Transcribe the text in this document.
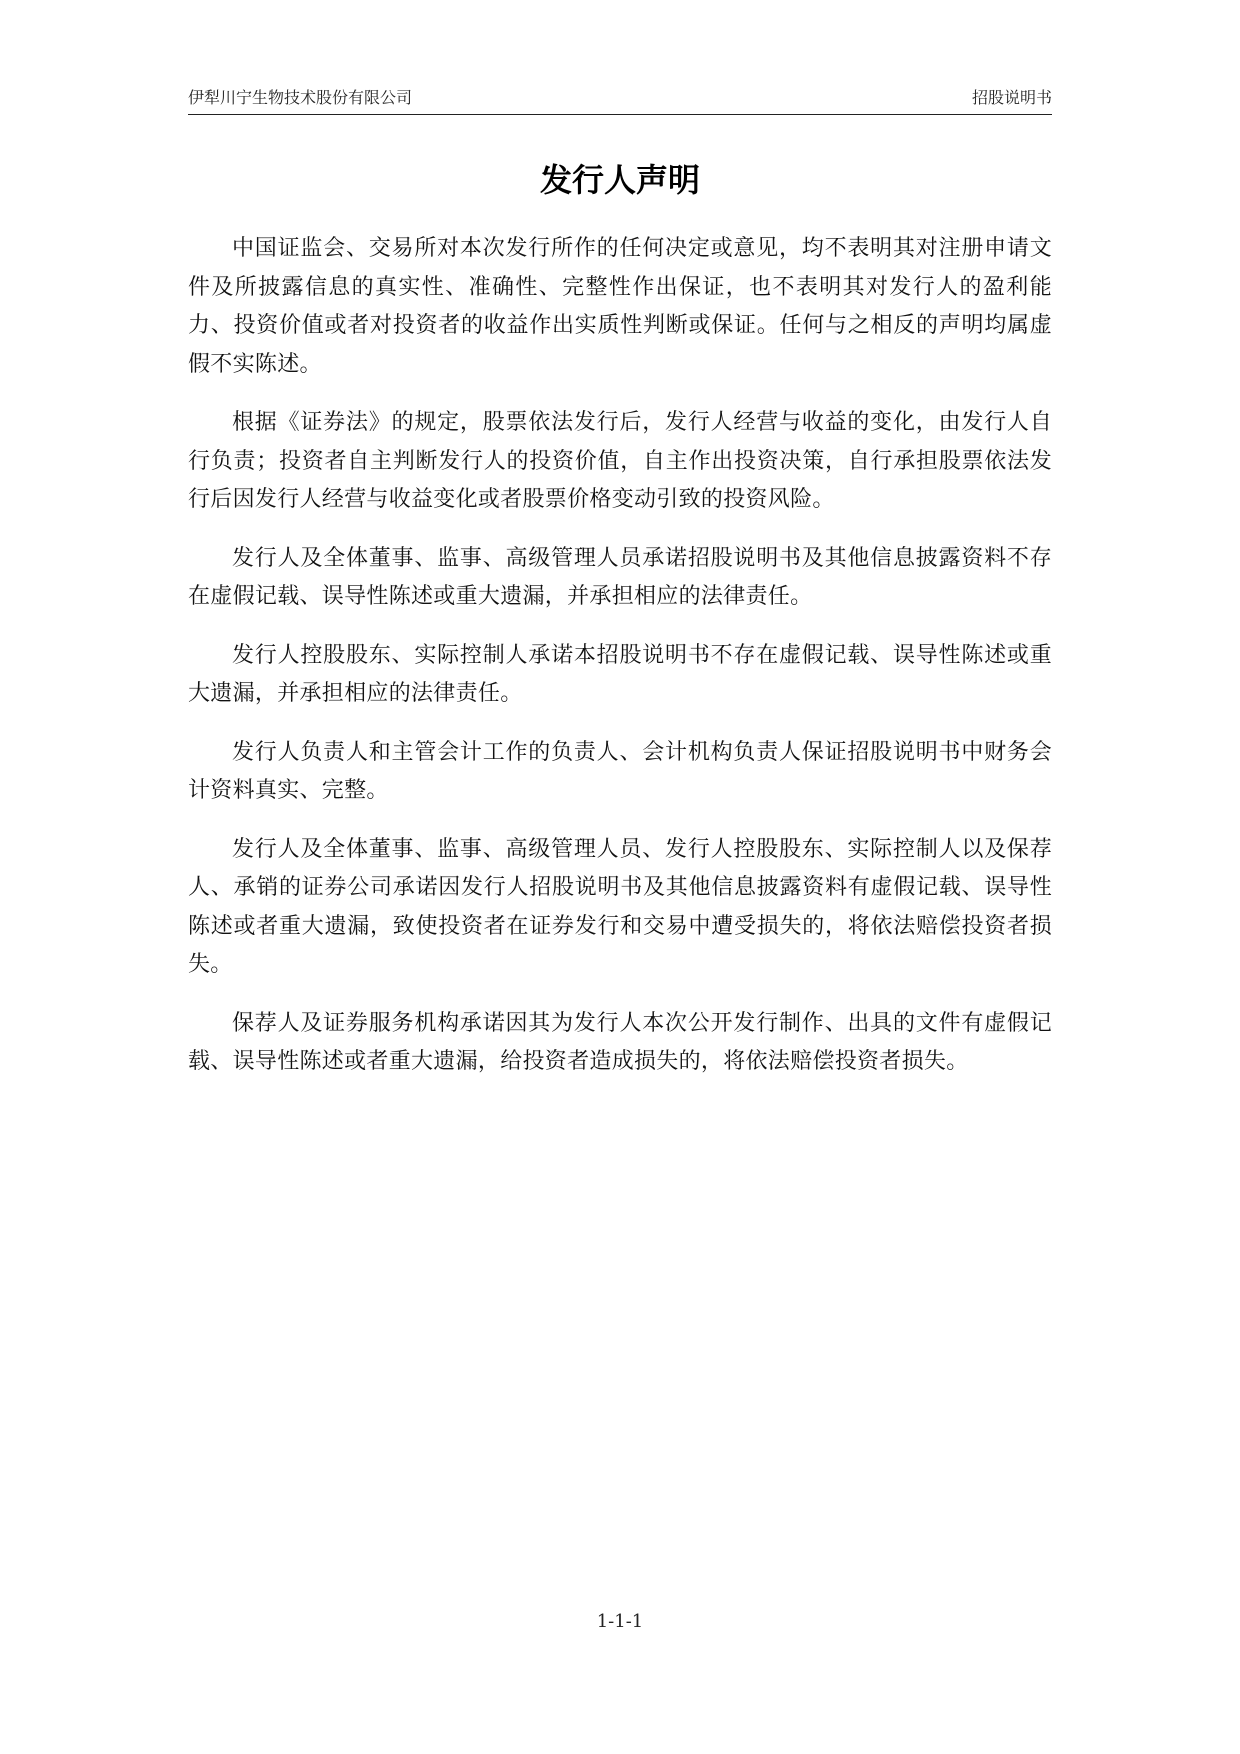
伊犁川宁生物技术股份有限公司	招股说明书
发行人声明

中国证监会、交易所对本次发行所作的任何决定或意见，均不表明其对注册申请文件及所披露信息的真实性、准确性、完整性作出保证，也不表明其对发行人的盈利能力、投资价值或者对投资者的收益作出实质性判断或保证。任何与之相反的声明均属虚假不实陈述。

根据《证券法》的规定，股票依法发行后，发行人经营与收益的变化，由发行人自行负责；投资者自主判断发行人的投资价值，自主作出投资决策，自行承担股票依法发行后因发行人经营与收益变化或者股票价格变动引致的投资风险。

发行人及全体董事、监事、高级管理人员承诺招股说明书及其他信息披露资料不存在虚假记载、误导性陈述或重大遗漏，并承担相应的法律责任。

发行人控股股东、实际控制人承诺本招股说明书不存在虚假记载、误导性陈述或重大遗漏，并承担相应的法律责任。

发行人负责人和主管会计工作的负责人、会计机构负责人保证招股说明书中财务会计资料真实、完整。

发行人及全体董事、监事、高级管理人员、发行人控股股东、实际控制人以及保荐人、承销的证券公司承诺因发行人招股说明书及其他信息披露资料有虚假记载、误导性陈述或者重大遗漏，致使投资者在证券发行和交易中遭受损失的，将依法赔偿投资者损失。

保荐人及证券服务机构承诺因其为发行人本次公开发行制作、出具的文件有虚假记载、误导性陈述或者重大遗漏，给投资者造成损失的，将依法赔偿投资者损失。

1-1-1
